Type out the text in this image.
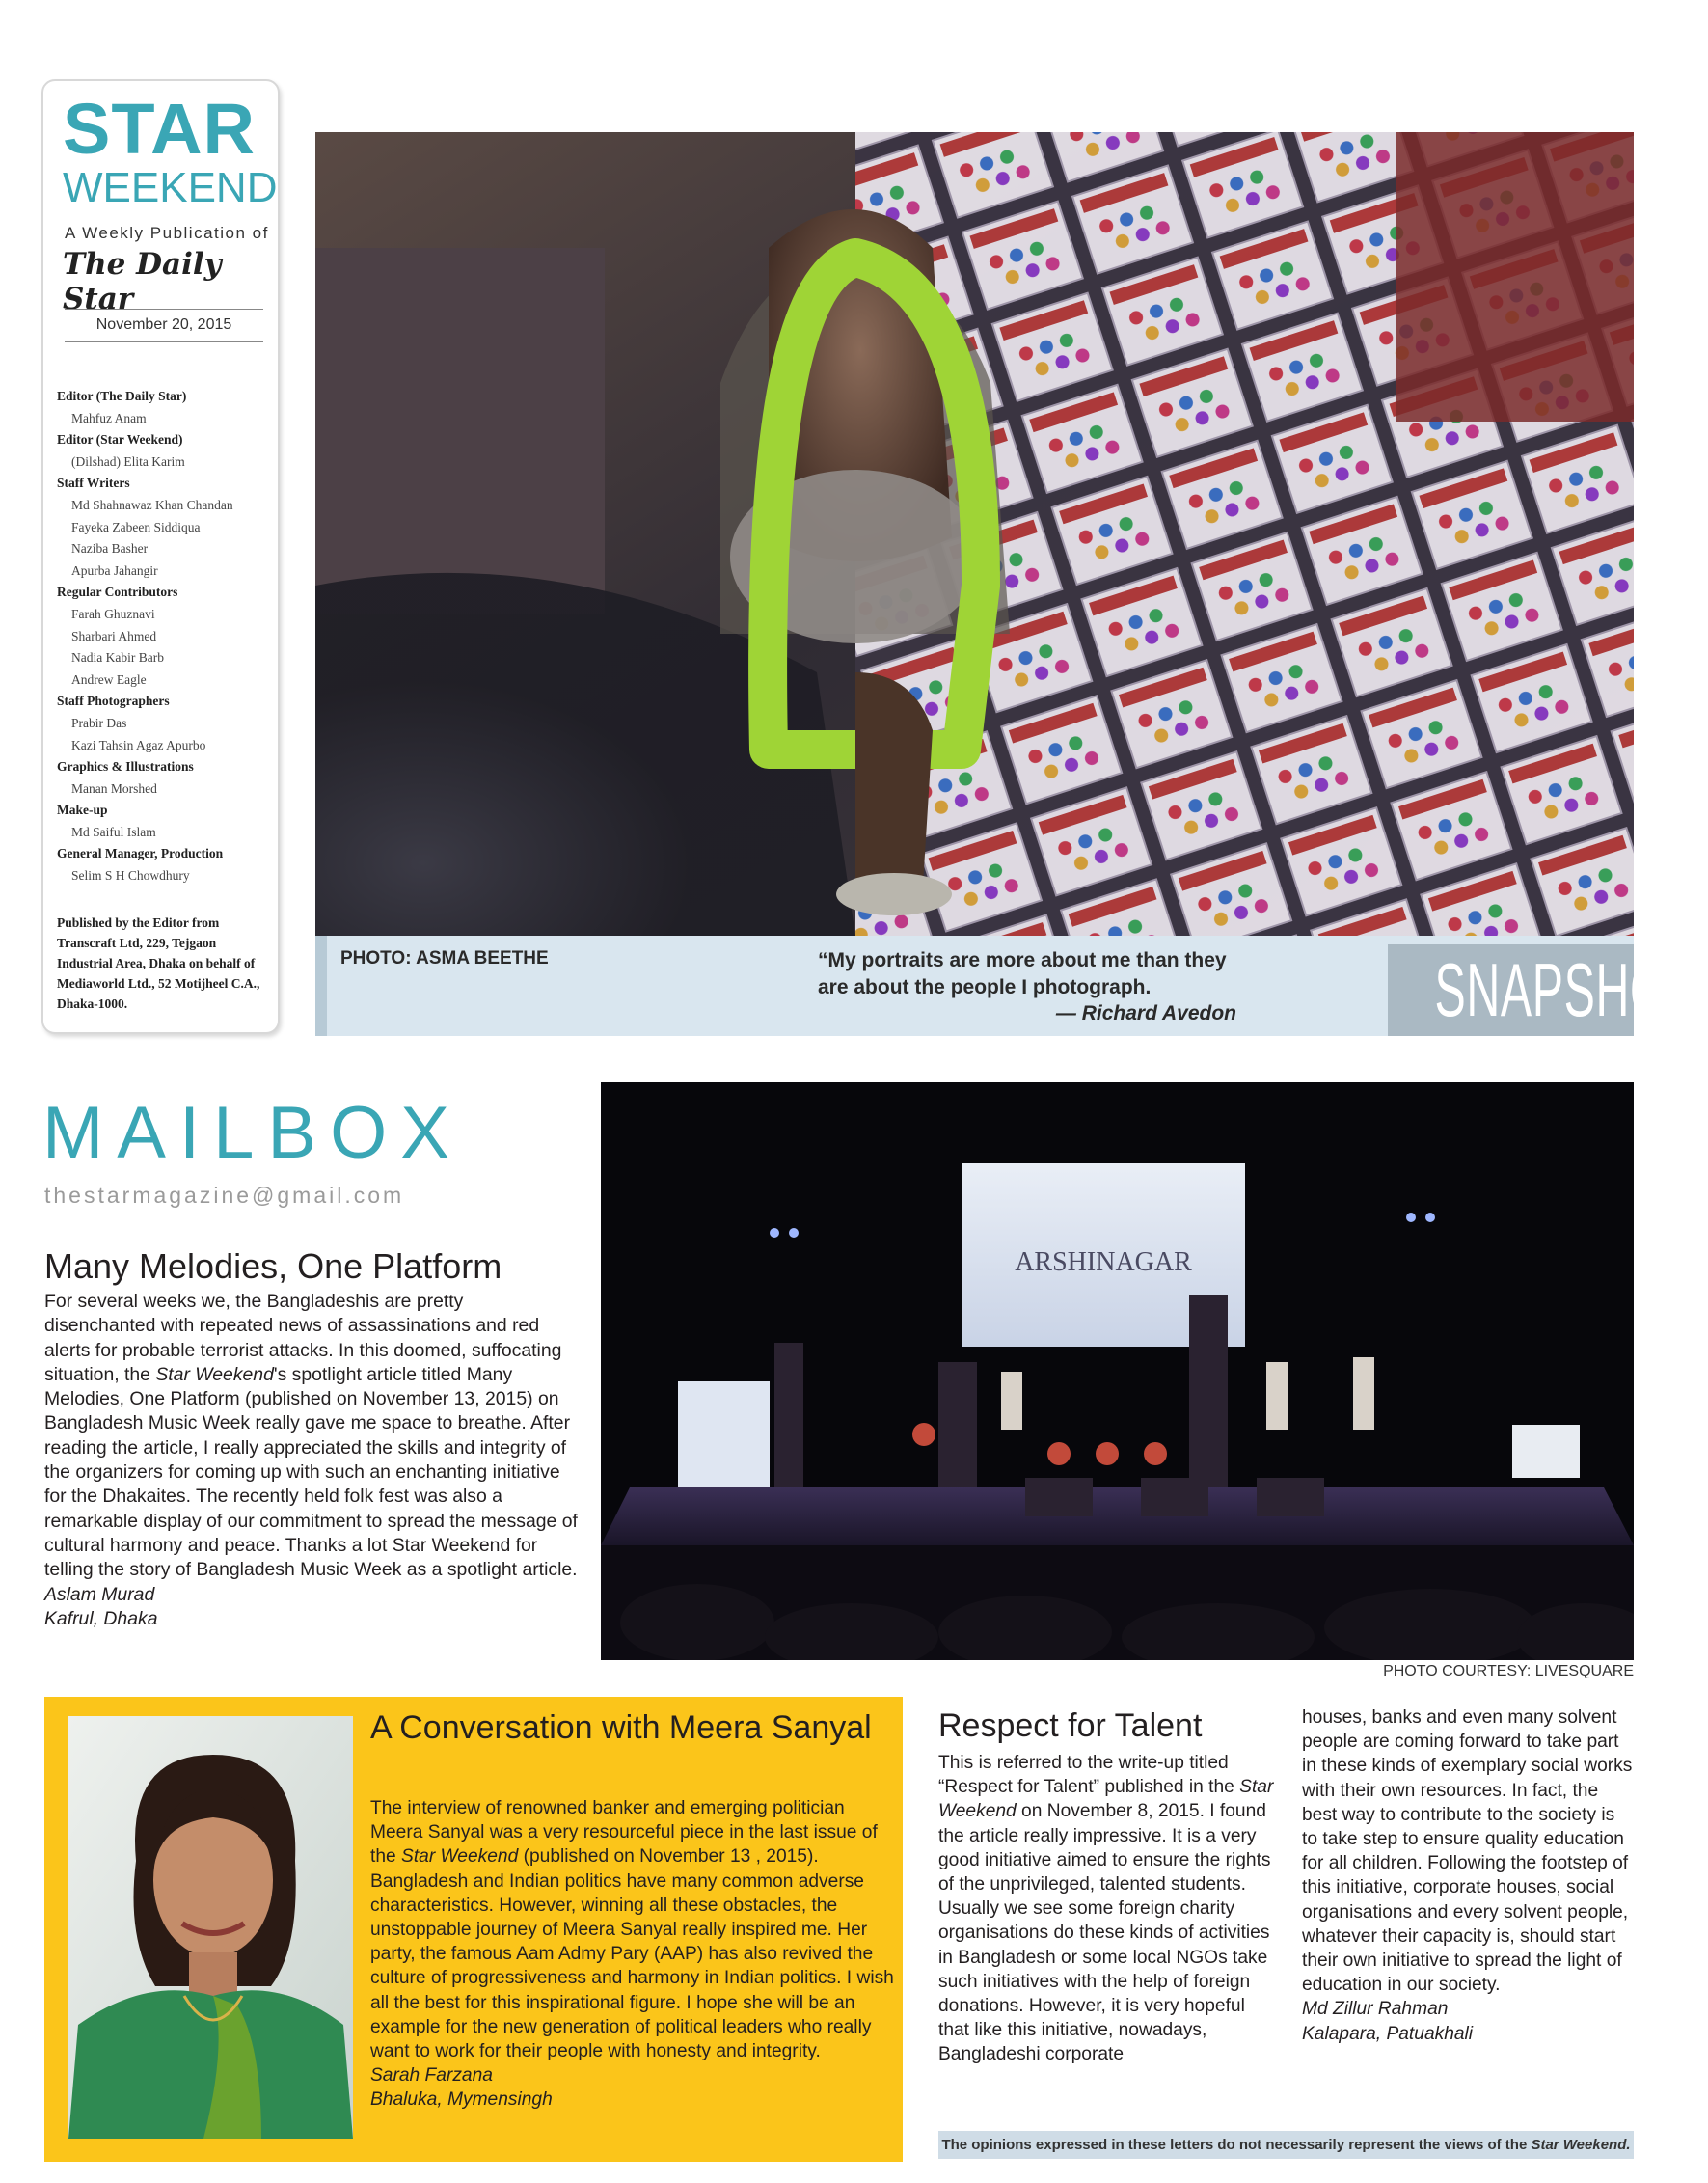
STAR
WEEKEND
A Weekly Publication of
The Daily Star
November 20, 2015
Editor (The Daily Star)
Mahfuz Anam
Editor (Star Weekend)
(Dilshad) Elita Karim
Staff Writers
Md Shahnawaz Khan Chandan
Fayeka Zabeen Siddiqua
Naziba Basher
Apurba Jahangir
Regular Contributors
Farah Ghuznavi
Sharbari Ahmed
Nadia Kabir Barb
Andrew Eagle
Staff Photographers
Prabir Das
Kazi Tahsin Agaz Apurbo
Graphics & Illustrations
Manan Morshed
Make-up
Md Saiful Islam
General Manager, Production
Selim S H Chowdhury
Published by the Editor from Transcraft Ltd, 229, Tejgaon Industrial Area, Dhaka on behalf of Mediaworld Ltd., 52 Motijheel C.A., Dhaka-1000.
PHOTO: ASMA BEETHE	“My portraits are more about me than they are about the people I photograph.
— Richard Avedon	SNAPSHOT
MAILBOX
thestarmagazine@gmail.com
Many Melodies, One Platform
For several weeks we, the Bangladeshis are pretty disenchanted with repeated news of assassinations and red alerts for probable terrorist attacks. In this doomed, suffocating situation, the Star Weekend's spotlight article titled Many Melodies, One Platform (published on November 13, 2015) on Bangladesh Music Week really gave me space to breathe. After reading the article, I really appreciated the skills and integrity of the organizers for coming up with such an enchanting initiative for the Dhakaites. The recently held folk fest was also a remarkable display of our commitment to spread the message of cultural harmony and peace. Thanks a lot Star Weekend for telling the story of Bangladesh Music Week as a spotlight article.
Aslam Murad
Kafrul, Dhaka
ARSHINAGAR
PHOTO COURTESY: LIVESQUARE
A Conversation with Meera Sanyal
The interview of renowned banker and emerging politician Meera Sanyal was a very resourceful piece in the last issue of the Star Weekend (published on November 13 , 2015). Bangladesh and Indian politics have many common adverse characteristics. However, winning all these obstacles, the unstoppable journey of Meera Sanyal really inspired me. Her party, the famous Aam Admy Pary (AAP) has also revived the culture of progressiveness and harmony in Indian politics. I wish all the best for this inspirational figure. I hope she will be an example for the new generation of political leaders who really want to work for their people with honesty and integrity.
Sarah Farzana
Bhaluka, Mymensingh
Respect for Talent
This is referred to the write-up titled “Respect for Talent” published in the Star Weekend on November 8, 2015. I found the article really impressive. It is a very good initiative aimed to ensure the rights of the unprivileged, talented students. Usually we see some foreign charity organisations do these kinds of activities in Bangladesh or some local NGOs take such initiatives with the help of foreign donations. However, it is very hopeful that like this initiative, nowadays, Bangladeshi corporate
houses, banks and even many solvent people are coming forward to take part in these kinds of exemplary social works with their own resources. In fact, the best way to contribute to the society is to take step to ensure quality education for all children. Following the footstep of this initiative, corporate houses, social organisations and every solvent people, whatever their capacity is, should start their own initiative to spread the light of education in our society.
Md Zillur Rahman
Kalapara, Patuakhali
The opinions expressed in these letters do not necessarily represent the views of the Star Weekend.
